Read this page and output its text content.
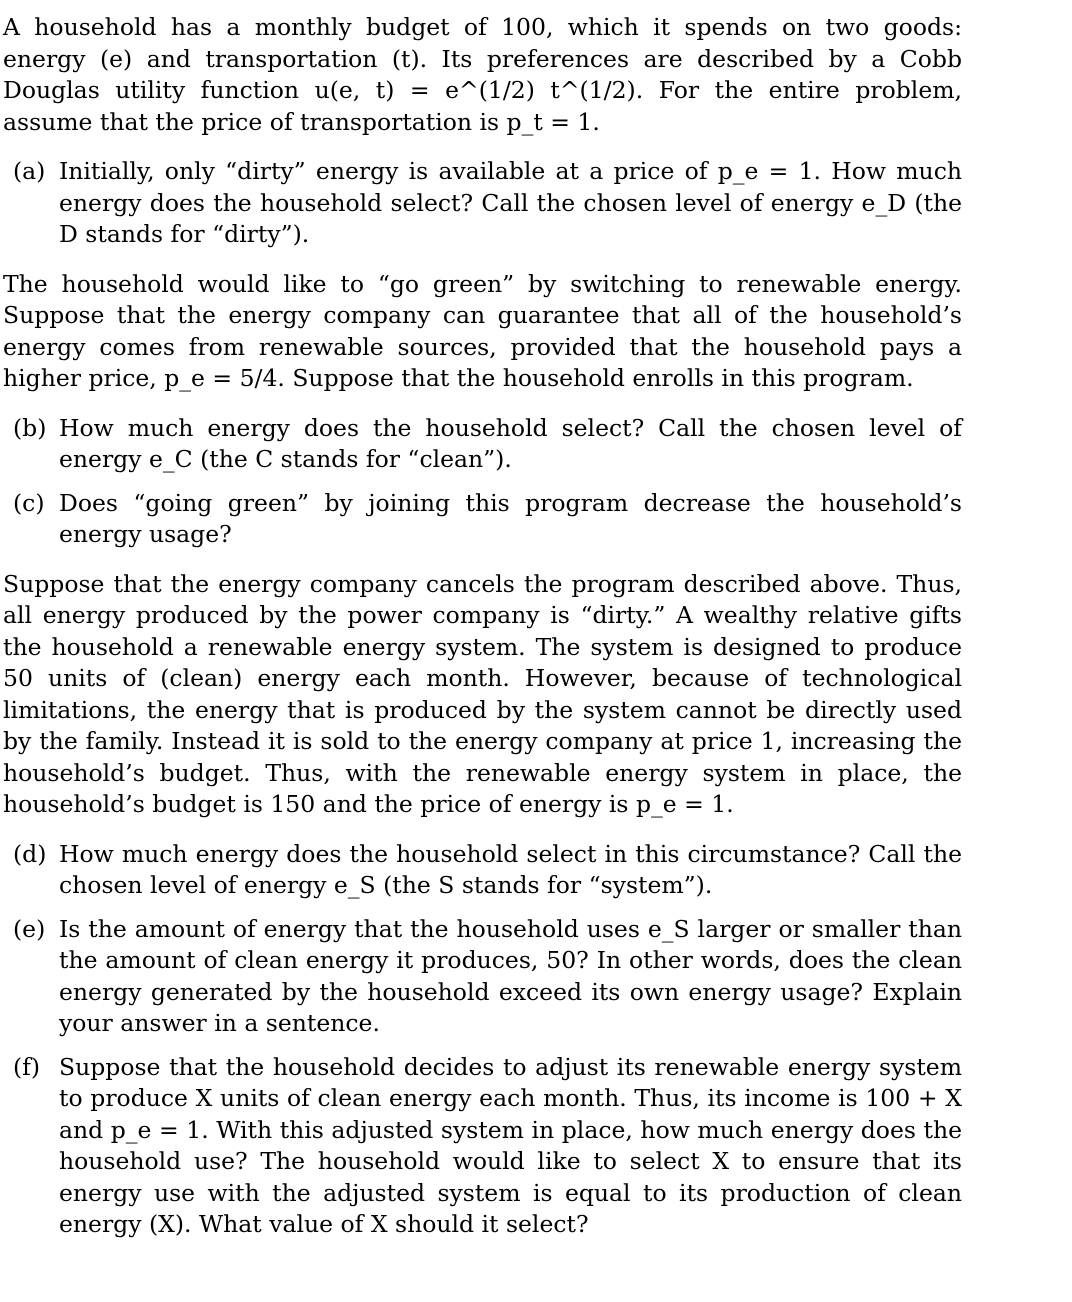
A household has a monthly budget of 100, which it spends on two goods: energy (e) and transportation (t). Its preferences are described by a Cobb Douglas utility function u(e, t) = e^(1/2) t^(1/2). For the entire problem, assume that the price of transportation is p_t = 1.

(a) Initially, only “dirty” energy is available at a price of p_e = 1. How much energy does the household select? Call the chosen level of energy e_D (the D stands for “dirty”).

The household would like to “go green” by switching to renewable energy. Suppose that the energy company can guarantee that all of the household’s energy comes from renewable sources, provided that the household pays a higher price, p_e = 5/4. Suppose that the household enrolls in this program.

(b) How much energy does the household select? Call the chosen level of energy e_C (the C stands for “clean”).
(c) Does “going green” by joining this program decrease the household’s energy usage?

Suppose that the energy company cancels the program described above. Thus, all energy produced by the power company is “dirty.” A wealthy relative gifts the household a renewable energy system. The system is designed to produce 50 units of (clean) energy each month. However, because of technological limitations, the energy that is produced by the system cannot be directly used by the family. Instead it is sold to the energy company at price 1, increasing the household’s budget. Thus, with the renewable energy system in place, the household’s budget is 150 and the price of energy is p_e = 1.

(d) How much energy does the household select in this circumstance? Call the chosen level of energy e_S (the S stands for “system”).
(e) Is the amount of energy that the household uses e_S larger or smaller than the amount of clean energy it produces, 50? In other words, does the clean energy generated by the household exceed its own energy usage? Explain your answer in a sentence.
(f) Suppose that the household decides to adjust its renewable energy system to produce X units of clean energy each month. Thus, its income is 100 + X and p_e = 1. With this adjusted system in place, how much energy does the household use? The household would like to select X to ensure that its energy use with the adjusted system is equal to its production of clean energy (X). What value of X should it select?
